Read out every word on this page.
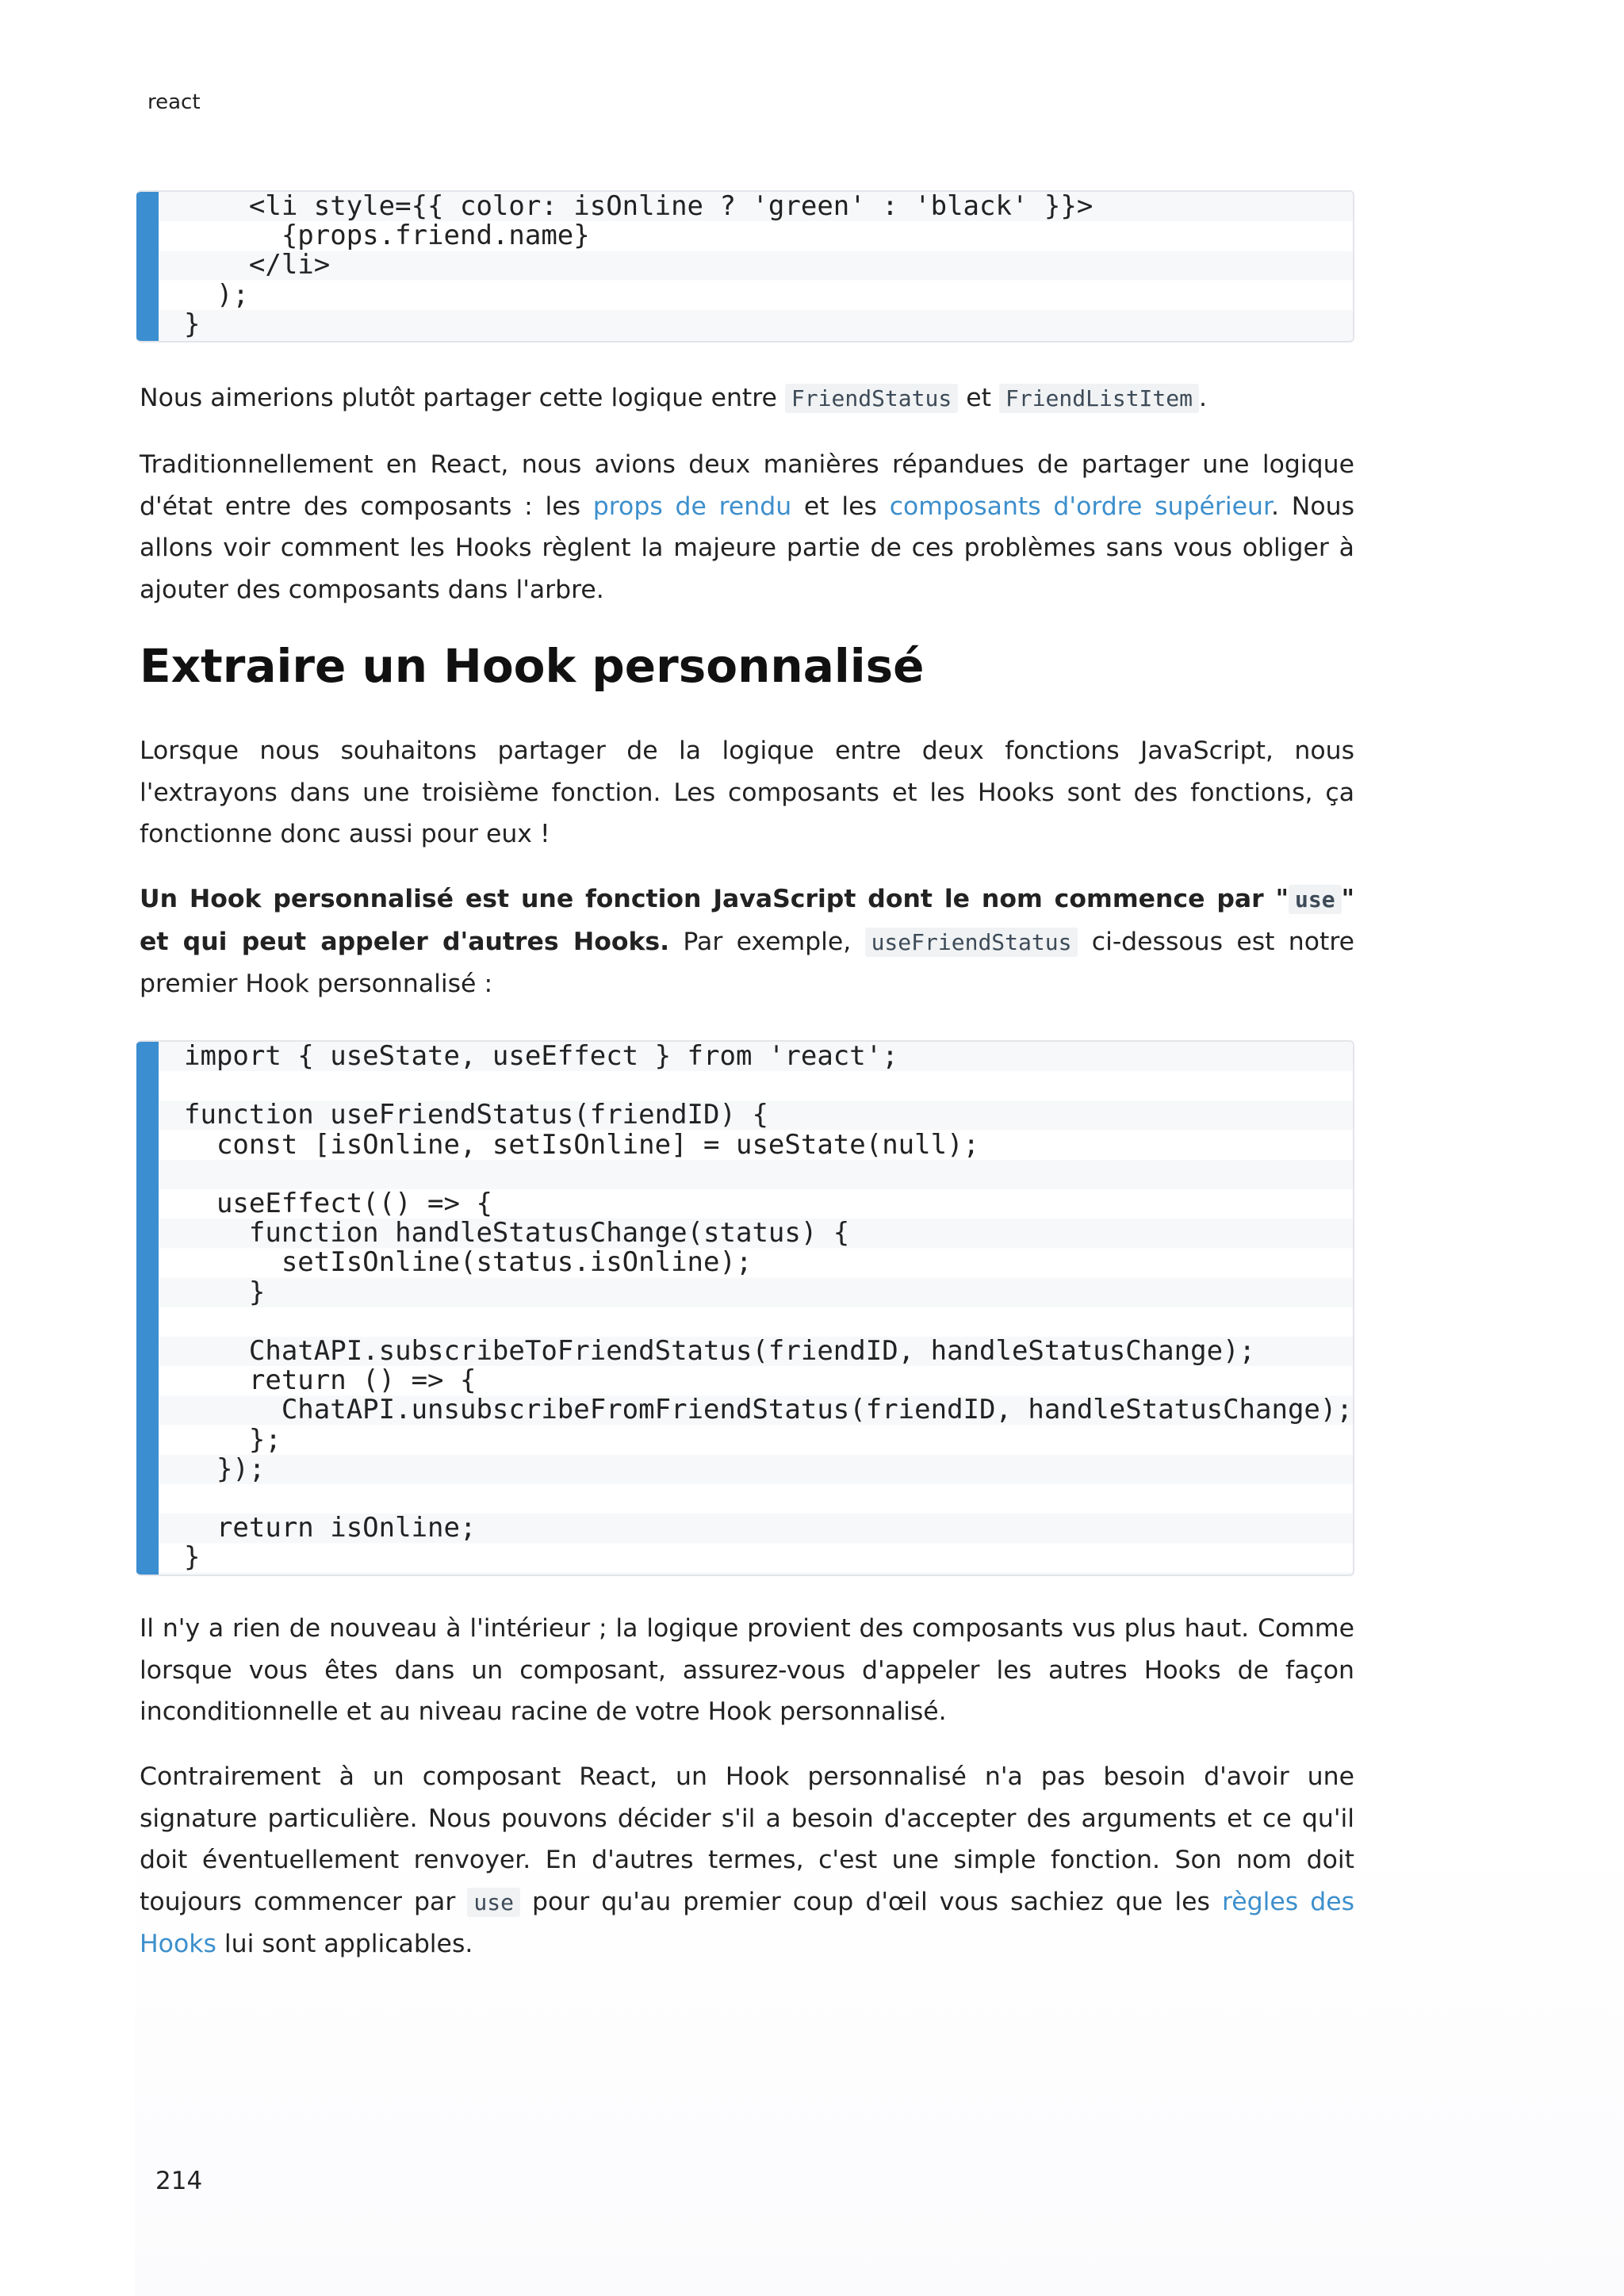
react
<li style={{ color: isOnline ? 'green' : 'black' }}>
{props.friend.name}
</li>
);
}

Nous aimerions plutôt partager cette logique entre FriendStatus et FriendListItem .

Traditionnellement en React, nous avions deux manières répandues de partager une logique d'état entre des composants : les props de rendu et les composants d'ordre supérieur. Nous allons voir comment les Hooks règlent la majeure partie de ces problèmes sans vous obliger à ajouter des composants dans l'arbre.

Extraire un Hook personnalisé

Lorsque nous souhaitons partager de la logique entre deux fonctions JavaScript, nous l'extrayons dans une troisième fonction. Les composants et les Hooks sont des fonctions, ça fonctionne donc aussi pour eux !

Un Hook personnalisé est une fonction JavaScript dont le nom commence par " use " et qui peut appeler d'autres Hooks. Par exemple, useFriendStatus ci-dessous est notre premier Hook personnalisé :

import { useState, useEffect } from 'react';

function useFriendStatus(friendID) {
const [isOnline, setIsOnline] = useState(null);

useEffect(() => {
function handleStatusChange(status) {
setIsOnline(status.isOnline);
}

ChatAPI.subscribeToFriendStatus(friendID, handleStatusChange);
return () => {
ChatAPI.unsubscribeFromFriendStatus(friendID, handleStatusChange);
};
});

return isOnline;
}

Il n'y a rien de nouveau à l'intérieur ; la logique provient des composants vus plus haut. Comme lorsque vous êtes dans un composant, assurez-vous d'appeler les autres Hooks de façon inconditionnelle et au niveau racine de votre Hook personnalisé.

Contrairement à un composant React, un Hook personnalisé n'a pas besoin d'avoir une signature particulière. Nous pouvons décider s'il a besoin d'accepter des arguments et ce qu'il doit éventuellement renvoyer. En d'autres termes, c'est une simple fonction. Son nom doit toujours commencer par use pour qu'au premier coup d'œil vous sachiez que les règles des Hooks lui sont applicables.

214
